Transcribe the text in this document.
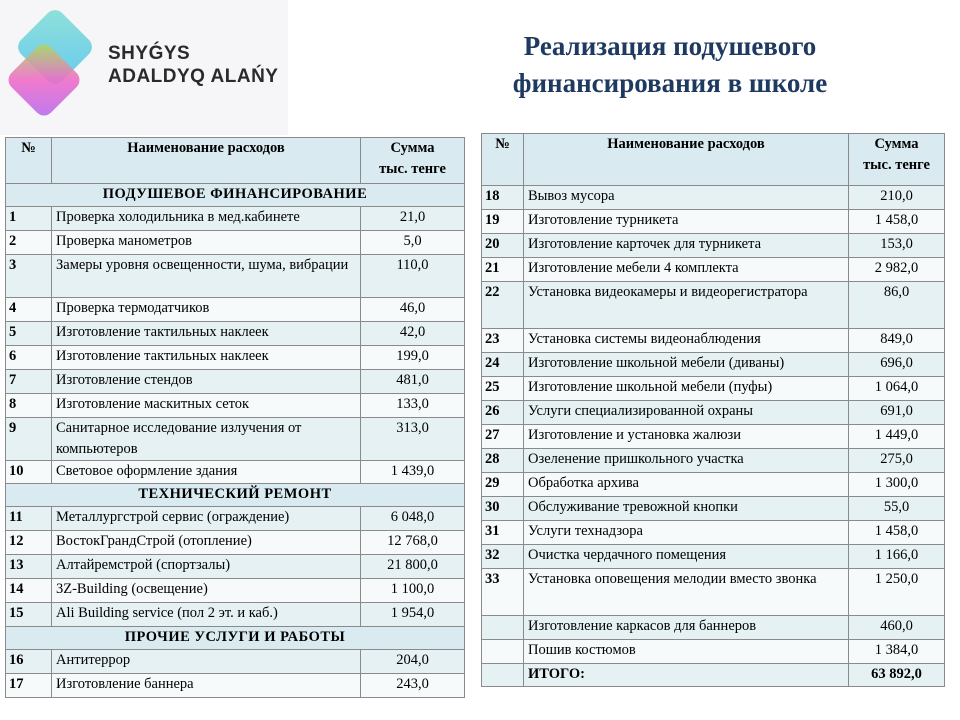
SHYǴYS
ADALDYQ ALAŃY
Реализация подушевого
финансирования в школе
№	Наименование расходов	Сумма
тыс. тенге

ПОДУШЕВОЕ ФИНАНСИРОВАНИЕ		
1	Проверка холодильника в мед.кабинете	21,0
2	Проверка манометров	5,0
3	Замеры уровня освещенности, шума, вибрации	110,0
4	Проверка термодатчиков	46,0
5	Изготовление тактильных наклеек	42,0
6	Изготовление тактильных наклеек	199,0
7	Изготовление стендов	481,0
8	Изготовление маскитных сеток	133,0
9	Санитарное исследование излучения от компьютеров	313,0
10	Световое оформление здания	1 439,0
ТЕХНИЧЕСКИЙ РЕМОНТ		
11	Металлургстрой сервис (ограждение)	6 048,0
12	ВостокГрандСтрой (отопление)	12 768,0
13	Алтайремстрой (спортзалы)	21 800,0
14	3Z-Building (освещение)	1 100,0
15	Ali Building service (пол 2 эт. и каб.)	1 954,0
ПРОЧИЕ УСЛУГИ И РАБОТЫ		
16	Антитеррор	204,0
17	Изготовление баннера	243,0
№	Наименование расходов	Сумма
тыс. тенге

18	Вывоз мусора	210,0
19	Изготовление турникета	1 458,0
20	Изготовление карточек для турникета	153,0
21	Изготовление мебели 4 комплекта	2 982,0
22	Установка видеокамеры и видеорегистратора	86,0
23	Установка системы видеонаблюдения	849,0
24	Изготовление школьной мебели (диваны)	696,0
25	Изготовление школьной мебели (пуфы)	1 064,0
26	Услуги специализированной охраны	691,0
27	Изготовление и установка жалюзи	1 449,0
28	Озеленение пришкольного участка	275,0
29	Обработка архива	1 300,0
30	Обслуживание тревожной кнопки	55,0
31	Услуги технадзора	1 458,0
32	Очистка чердачного помещения	1 166,0
33	Установка оповещения мелодии вместо звонка	1 250,0
	Изготовление каркасов для баннеров	460,0
	Пошив костюмов	1 384,0
	ИТОГО:	63 892,0
